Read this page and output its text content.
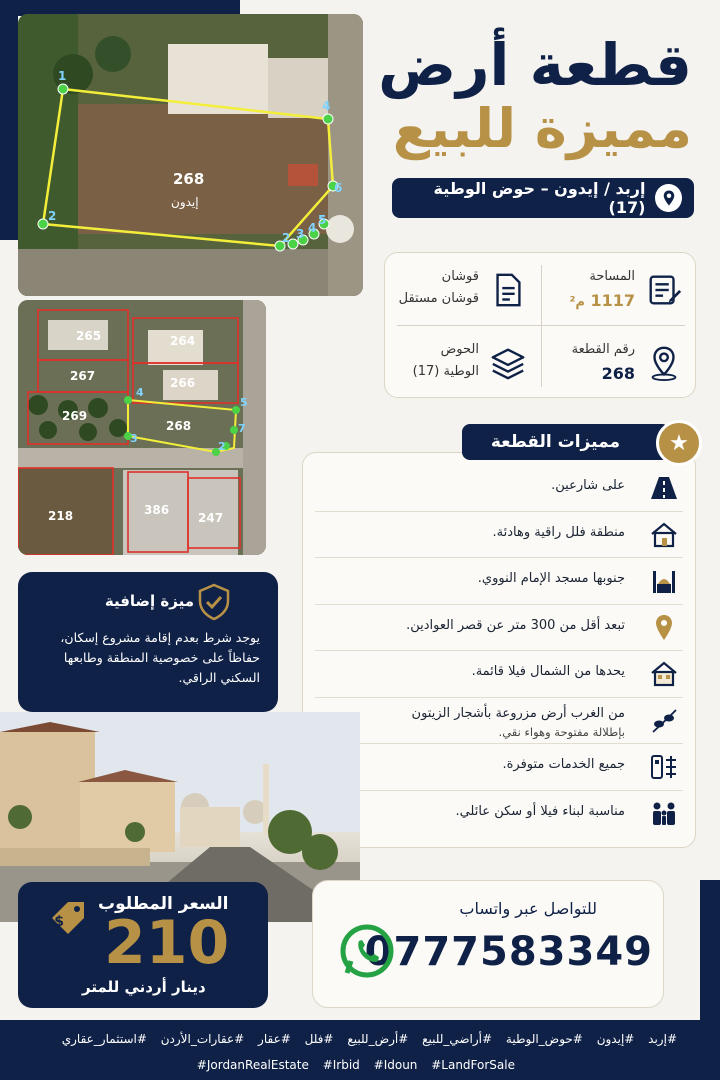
1
2
4
6
2 3 4
5
268
إيدون
265	264
267	266
269
268
218	386
247
4
5
3
7
2
قطعة أرض
مميزة للبيع
إربد / إيدون – حوض الوطية (17)
المساحة
1117 م²
قوشان
قوشان مستقل
رقم القطعة
268
الحوض
الوطية (17)
على شارعين.
منطقة فلل راقية وهادئة.
جنوبها مسجد الإمام النووي.
تبعد أقل من 300 متر عن قصر العوادين.
يحدها من الشمال فيلا قائمة.
من الغرب أرض مزروعة بأشجار الزيتون
بإطلالة مفتوحة وهواء نقي.
جميع الخدمات متوفرة.
مناسبة لبناء فيلا أو سكن عائلي.
مميزات القطعة	★
ميزة إضافية
يوجد شرط بعدم إقامة مشروع إسكان، حفاظاً على خصوصية المنطقة وطابعها السكني الراقي.
$
السعر المطلوب
210
دينار أردني للمتر
للتواصل عبر واتساب
0777583349
#إربد #إيدون #حوض_الوطية #أراضي_للبيع #أرض_للبيع #فلل #عقار #عقارات_الأردن #استثمار_عقاري
#JordanRealEstate #Irbid #Idoun #LandForSale
